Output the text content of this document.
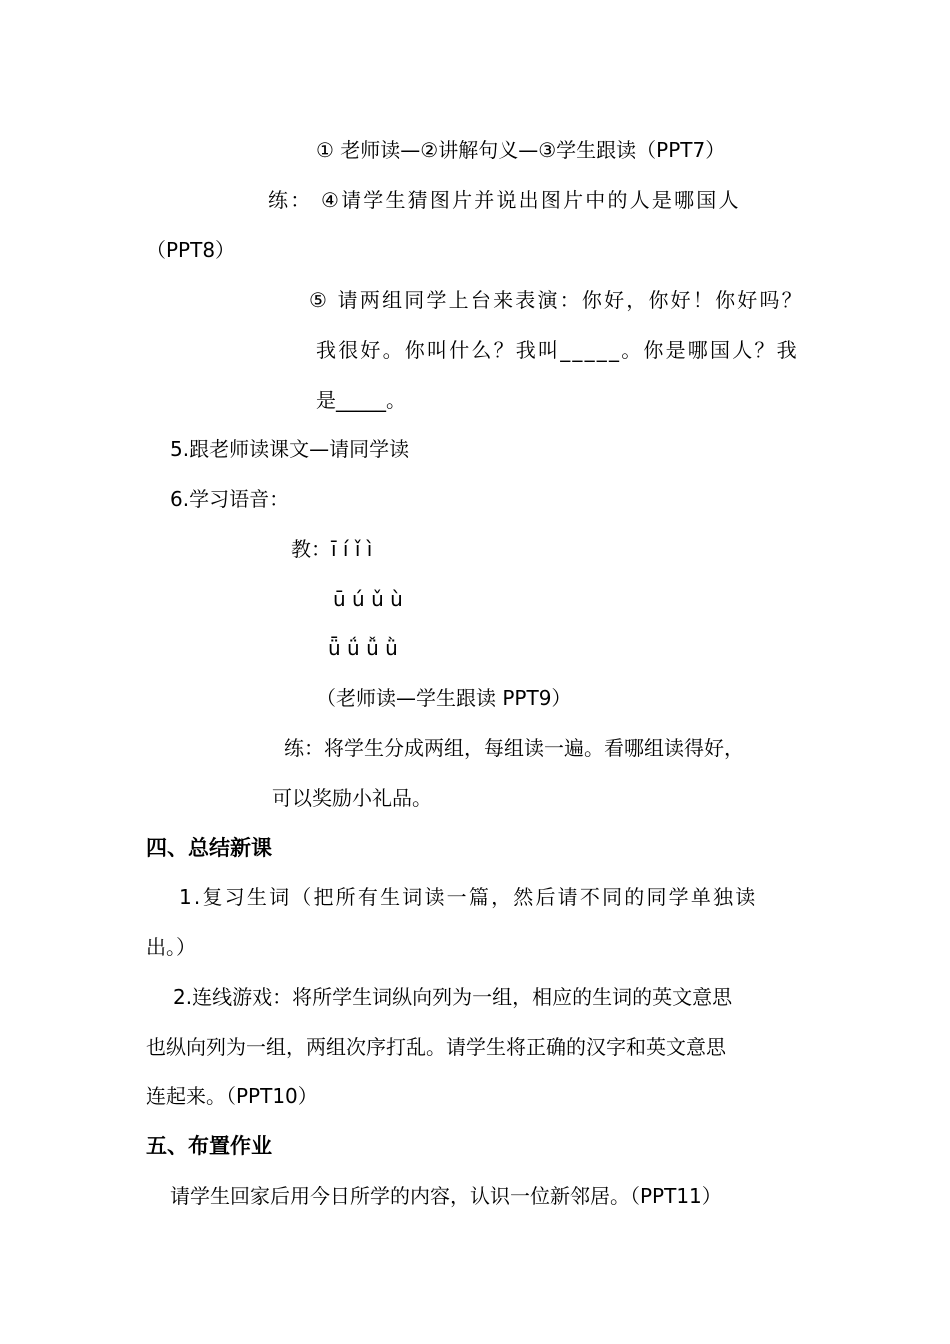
① 老师读—②讲解句义—③学生跟读（PPT7）
练： ④请学生猜图片并说出图片中的人是哪国人
（PPT8）
⑤ 请两组同学上台来表演：你好，你好！你好吗？
我很好。你叫什么？我叫_____。你是哪国人？我
是_____。
5.跟老师读课文—请同学读
6.学习语音：
教：ī í ǐ ì
ū ú ǔ ù
ǖ ǘ ǚ ǜ
（老师读—学生跟读 PPT9）
练：将学生分成两组，每组读一遍。看哪组读得好，
可以奖励小礼品。
四、总结新课
1.复习生词（把所有生词读一篇，然后请不同的同学单独读
出。）
2.连线游戏：将所学生词纵向列为一组，相应的生词的英文意思
也纵向列为一组，两组次序打乱。请学生将正确的汉字和英文意思
连起来。（PPT10）
五、布置作业
请学生回家后用今日所学的内容，认识一位新邻居。（PPT11）
